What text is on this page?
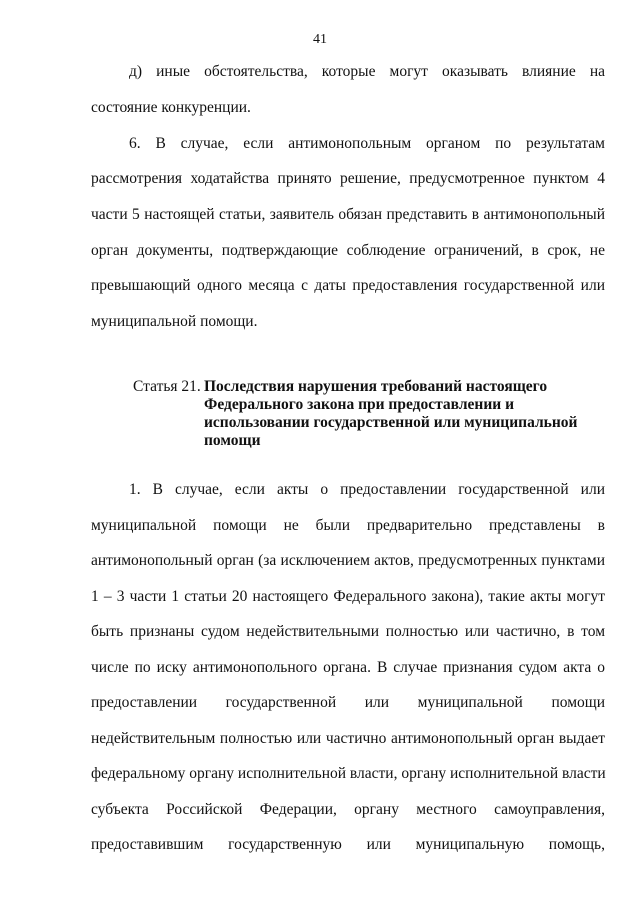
41
д) иные обстоятельства, которые могут оказывать влияние на
состояние конкуренции.
6. В случае, если антимонопольным органом по результатам
рассмотрения ходатайства принято решение, предусмотренное пунктом 4
части 5 настоящей статьи, заявитель обязан представить в антимонопольный
орган документы, подтверждающие соблюдение ограничений, в срок, не
превышающий одного месяца с даты предоставления государственной или
муниципальной помощи.
Статья 21. Последствия нарушения требований настоящего
Федерального закона при предоставлении и
использовании государственной или муниципальной
помощи
1. В случае, если акты о предоставлении государственной или
муниципальной помощи не были предварительно представлены в
антимонопольный орган (за исключением актов, предусмотренных пунктами
1 – 3 части 1 статьи 20 настоящего Федерального закона), такие акты могут
быть признаны судом недействительными полностью или частично, в том
числе по иску антимонопольного органа. В случае признания судом акта о
предоставлении государственной или муниципальной помощи
недействительным полностью или частично антимонопольный орган выдает
федеральному органу исполнительной власти, органу исполнительной власти
субъекта Российской Федерации, органу местного самоуправления,
предоставившим государственную или муниципальную помощь,
